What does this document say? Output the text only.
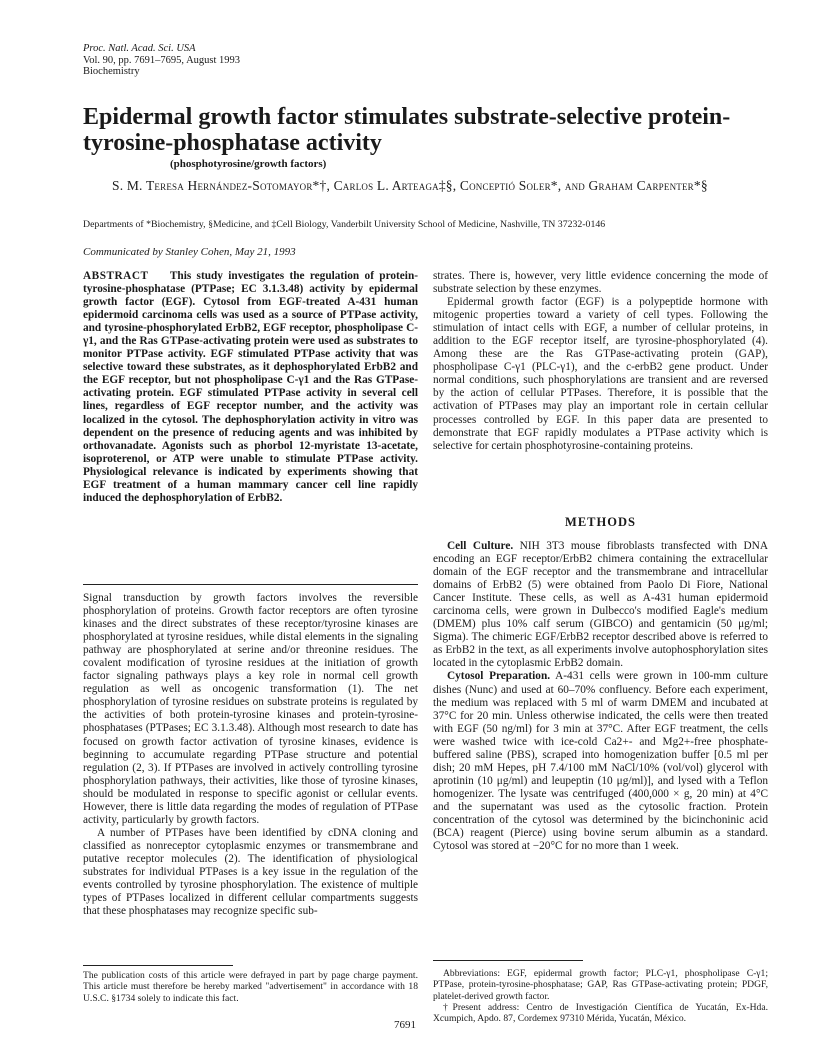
Proc. Natl. Acad. Sci. USA
Vol. 90, pp. 7691–7695, August 1993
Biochemistry
Epidermal growth factor stimulates substrate-selective protein-tyrosine-phosphatase activity
(phosphotyrosine/growth factors)
S. M. Teresa Hernández-Sotomayor*†, Carlos L. Arteaga‡§, Conceptió Soler*, and Graham Carpenter*§
Departments of *Biochemistry, §Medicine, and ‡Cell Biology, Vanderbilt University School of Medicine, Nashville, TN 37232-0146
Communicated by Stanley Cohen, May 21, 1993

ABSTRACT This study investigates the regulation of protein-tyrosine-phosphatase (PTPase; EC 3.1.3.48) activity by epidermal growth factor (EGF). Cytosol from EGF-treated A-431 human epidermoid carcinoma cells was used as a source of PTPase activity, and tyrosine-phosphorylated ErbB2, EGF receptor, phospholipase C-γ1, and the Ras GTPase-activating protein were used as substrates to monitor PTPase activity. EGF stimulated PTPase activity that was selective toward these substrates, as it dephosphorylated ErbB2 and the EGF receptor, but not phospholipase C-γ1 and the Ras GTPase-activating protein. EGF stimulated PTPase activity in several cell lines, regardless of EGF receptor number, and the activity was localized in the cytosol. The dephosphorylation activity in vitro was dependent on the presence of reducing agents and was inhibited by orthovanadate. Agonists such as phorbol 12-myristate 13-acetate, isoproterenol, or ATP were unable to stimulate PTPase activity. Physiological relevance is indicated by experiments showing that EGF treatment of a human mammary cancer cell line rapidly induced the dephosphorylation of ErbB2.

Signal transduction by growth factors involves the reversible phosphorylation of proteins. Growth factor receptors are often tyrosine kinases and the direct substrates of these receptor/tyrosine kinases are phosphorylated at tyrosine residues, while distal elements in the signaling pathway are phosphorylated at serine and/or threonine residues. The covalent modification of tyrosine residues at the initiation of growth factor signaling pathways plays a key role in normal cell growth regulation as well as oncogenic transformation (1). The net phosphorylation of tyrosine residues on substrate proteins is regulated by the activities of both protein-tyrosine kinases and protein-tyrosine-phosphatases (PTPases; EC 3.1.3.48). Although most research to date has focused on growth factor activation of tyrosine kinases, evidence is beginning to accumulate regarding PTPase structure and potential regulation (2, 3). If PTPases are involved in actively controlling tyrosine phosphorylation pathways, their activities, like those of tyrosine kinases, should be modulated in response to specific agonist or cellular events. However, there is little data regarding the modes of regulation of PTPase activity, particularly by growth factors.

A number of PTPases have been identified by cDNA cloning and classified as nonreceptor cytoplasmic enzymes or transmembrane and putative receptor molecules (2). The identification of physiological substrates for individual PTPases is a key issue in the regulation of the events controlled by tyrosine phosphorylation. The existence of multiple types of PTPases localized in different cellular compartments suggests that these phosphatases may recognize specific sub-

The publication costs of this article were defrayed in part by page charge payment. This article must therefore be hereby marked "advertisement" in accordance with 18 U.S.C. §1734 solely to indicate this fact.

strates. There is, however, very little evidence concerning the mode of substrate selection by these enzymes.

Epidermal growth factor (EGF) is a polypeptide hormone with mitogenic properties toward a variety of cell types. Following the stimulation of intact cells with EGF, a number of cellular proteins, in addition to the EGF receptor itself, are tyrosine-phosphorylated (4). Among these are the Ras GTPase-activating protein (GAP), phospholipase C-γ1 (PLC-γ1), and the c-erbB2 gene product. Under normal conditions, such phosphorylations are transient and are reversed by the action of cellular PTPases. Therefore, it is possible that the activation of PTPases may play an important role in certain cellular processes controlled by EGF. In this paper data are presented to demonstrate that EGF rapidly modulates a PTPase activity which is selective for certain phosphotyrosine-containing proteins.

METHODS

Cell Culture. NIH 3T3 mouse fibroblasts transfected with DNA encoding an EGF receptor/ErbB2 chimera containing the extracellular domain of the EGF receptor and the transmembrane and intracellular domains of ErbB2 (5) were obtained from Paolo Di Fiore, National Cancer Institute. These cells, as well as A-431 human epidermoid carcinoma cells, were grown in Dulbecco's modified Eagle's medium (DMEM) plus 10% calf serum (GIBCO) and gentamicin (50 μg/ml; Sigma). The chimeric EGF/ErbB2 receptor described above is referred to as ErbB2 in the text, as all experiments involve autophosphorylation sites located in the cytoplasmic ErbB2 domain.

Cytosol Preparation. A-431 cells were grown in 100-mm culture dishes (Nunc) and used at 60–70% confluency. Before each experiment, the medium was replaced with 5 ml of warm DMEM and incubated at 37°C for 20 min. Unless otherwise indicated, the cells were then treated with EGF (50 ng/ml) for 3 min at 37°C. After EGF treatment, the cells were washed twice with ice-cold Ca2+- and Mg2+-free phosphate-buffered saline (PBS), scraped into homogenization buffer [0.5 ml per dish; 20 mM Hepes, pH 7.4/100 mM NaCl/10% (vol/vol) glycerol with aprotinin (10 μg/ml) and leupeptin (10 μg/ml)], and lysed with a Teflon homogenizer. The lysate was centrifuged (400,000 × g, 20 min) at 4°C and the supernatant was used as the cytosolic fraction. Protein concentration of the cytosol was determined by the bicinchoninic acid (BCA) reagent (Pierce) using bovine serum albumin as a standard. Cytosol was stored at −20°C for no more than 1 week.

Abbreviations: EGF, epidermal growth factor; PLC-γ1, phospholipase C-γ1; PTPase, protein-tyrosine-phosphatase; GAP, Ras GTPase-activating protein; PDGF, platelet-derived growth factor.

†Present address: Centro de Investigación Científica de Yucatán, Ex-Hda. Xcumpich, Apdo. 87, Cordemex 97310 Mérida, Yucatán, México.

7691
